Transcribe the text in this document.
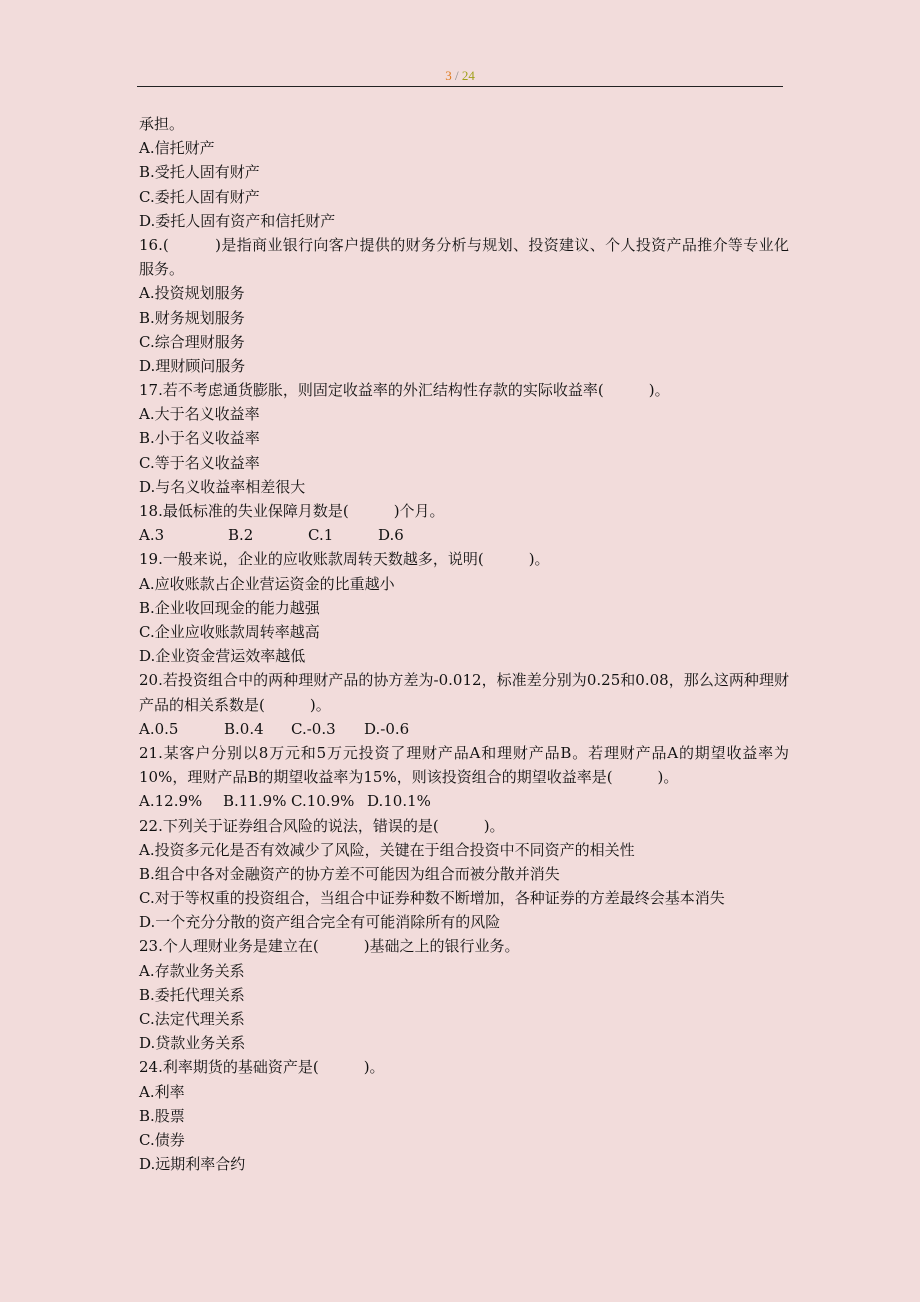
3 / 24
承担。
A.信托财产
B.受托人固有财产
C.委托人固有财产
D.委托人固有资产和信托财产
16.(　　　)是指商业银行向客户提供的财务分析与规划、投资建议、个人投资产品推介等专业化服务。
A.投资规划服务
B.财务规划服务
C.综合理财服务
D.理财顾问服务
17.若不考虑通货膨胀，则固定收益率的外汇结构性存款的实际收益率(　　　)。
A.大于名义收益率
B.小于名义收益率
C.等于名义收益率
D.与名义收益率相差很大
18.最低标准的失业保障月数是(　　　)个月。
A.3	B.2	C.1	D.6
19.一般来说，企业的应收账款周转天数越多，说明(　　　)。
A.应收账款占企业营运资金的比重越小
B.企业收回现金的能力越强
C.企业应收账款周转率越高
D.企业资金营运效率越低
20.若投资组合中的两种理财产品的协方差为-0.012，标准差分别为0.25和0.08，那么这两种理财产品的相关系数是(　　　)。
A.0.5	B.0.4 C.-0.3 D.-0.6
21.某客户分别以8万元和5万元投资了理财产品A和理财产品B。若理财产品A的期望收益率为10%，理财产品B的期望收益率为15%，则该投资组合的期望收益率是(　　　)。
A.12.9% B.11.9% C.10.9% D.10.1%
22.下列关于证券组合风险的说法，错误的是(　　　)。
A.投资多元化是否有效减少了风险，关键在于组合投资中不同资产的相关性
B.组合中各对金融资产的协方差不可能因为组合而被分散并消失
C.对于等权重的投资组合，当组合中证券种数不断增加，各种证券的方差最终会基本消失
D.一个充分分散的资产组合完全有可能消除所有的风险
23.个人理财业务是建立在(　　　)基础之上的银行业务。
A.存款业务关系
B.委托代理关系
C.法定代理关系
D.贷款业务关系
24.利率期货的基础资产是(　　　)。
A.利率
B.股票
C.债券
D.远期利率合约
